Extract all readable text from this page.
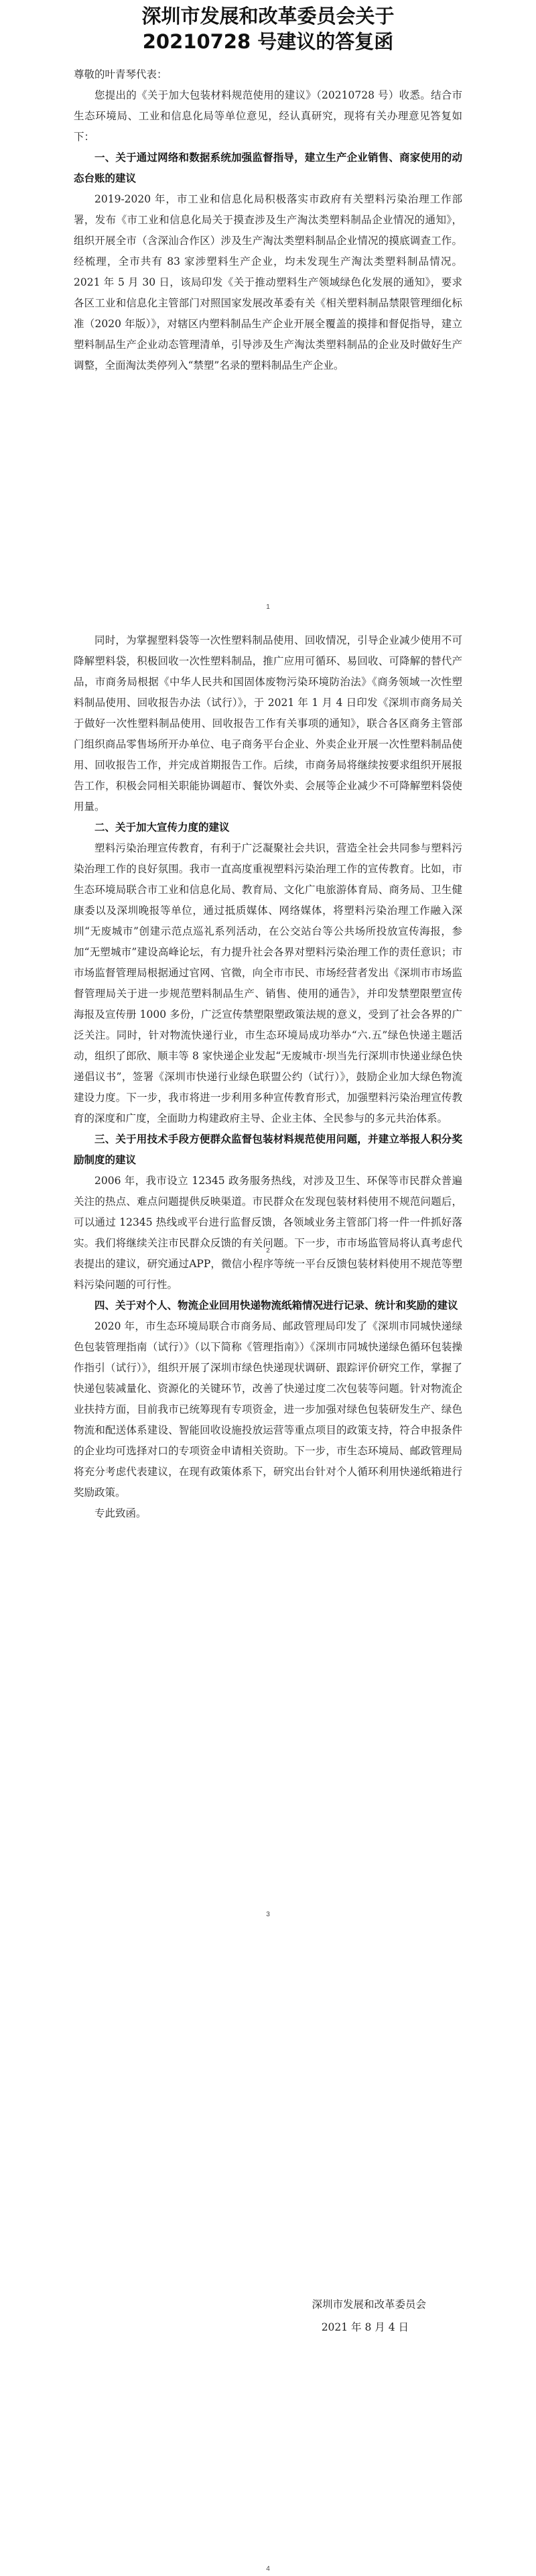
深圳市发展和改革委员会关于
20210728 号建议的答复函

尊敬的叶青琴代表：

您提出的《关于加大包装材料规范使用的建议》（20210728 号）收悉。结合市生态环境局、工业和信息化局等单位意见，经认真研究，现将有关办理意见答复如下：

一、关于通过网络和数据系统加强监督指导，建立生产企业销售、商家使用的动态台账的建议

2019-2020 年，市工业和信息化局积极落实市政府有关塑料污染治理工作部署，发布《市工业和信息化局关于摸查涉及生产淘汰类塑料制品企业情况的通知》，组织开展全市（含深汕合作区）涉及生产淘汰类塑料制品企业情况的摸底调查工作。经梳理，全市共有 83 家涉塑料生产企业，均未发现生产淘汰类塑料制品情况。2021 年 5 月 30 日，该局印发《关于推动塑料生产领域绿色化发展的通知》，要求各区工业和信息化主管部门对照国家发展改革委有关《相关塑料制品禁限管理细化标准（2020 年版）》，对辖区内塑料制品生产企业开展全覆盖的摸排和督促指导，建立塑料制品生产企业动态管理清单，引导涉及生产淘汰类塑料制品的企业及时做好生产调整，全面淘汰类停列入“禁塑”名录的塑料制品生产企业。

1

同时，为掌握塑料袋等一次性塑料制品使用、回收情况，引导企业减少使用不可降解塑料袋，积极回收一次性塑料制品，推广应用可循环、易回收、可降解的替代产品，市商务局根据《中华人民共和国固体废物污染环境防治法》《商务领域一次性塑料制品使用、回收报告办法（试行）》，于 2021 年 1 月 4 日印发《深圳市商务局关于做好一次性塑料制品使用、回收报告工作有关事项的通知》，联合各区商务主管部门组织商品零售场所开办单位、电子商务平台企业、外卖企业开展一次性塑料制品使用、回收报告工作，并完成首期报告工作。后续，市商务局将继续按要求组织开展报告工作，积极会同相关职能协调超市、餐饮外卖、会展等企业减少不可降解塑料袋使用量。

二、关于加大宣传力度的建议

塑料污染治理宣传教育，有利于广泛凝聚社会共识，营造全社会共同参与塑料污染治理工作的良好氛围。我市一直高度重视塑料污染治理工作的宣传教育。比如，市生态环境局联合市工业和信息化局、教育局、文化广电旅游体育局、商务局、卫生健康委以及深圳晚报等单位，通过抵质媒体、网络媒体，将塑料污染治理工作融入深圳“无废城市”创建示范点巡礼系列活动，在公交站台等公共场所投放宣传海报，参加“无塑城市”建设高峰论坛，有力提升社会各界对塑料污染治理工作的责任意识；市市场监督管理局根据通过官网、官微，向全市市民、市场经营者发出《深圳市市场监督管理局关于进一步规范塑料制品生产、销售、使用的通告》，并印发禁塑限塑宣传海报及宣传册 1000 多份，广泛宣传禁塑限塑政策法规的意义，受到了社会各界的广泛关注。同时，针对物流快递行业，市生态环境局成功举办“六.五”绿色快递主题活动，组织了郎欣、顺丰等 8 家快递企业发起“无废城市·坝当先行深圳市快递业绿色快递倡议书”，签署《深圳市快递行业绿色联盟公约（试行）》，鼓励企业加大绿色物流建设力度。下一步，我市将进一步利用多种宣传教育形式，加强塑料污染治理宣传教育的深度和广度，全面助力构建政府主导、企业主体、全民参与的多元共治体系。

三、关于用技术手段方便群众监督包装材料规范使用问题，并建立举报人积分奖励制度的建议

2006 年，我市设立 12345 政务服务热线，对涉及卫生、环保等市民群众普遍关注的热点、难点问题提供反映渠道。市民群众在发现包装材料使用不规范问题后，可以通过 12345 热线或平台进行监督反馈，各领域业务主管部门将一件一件抓好落实。我们将继续关注市民群众反馈的有关问题。下一步，市市场监管局将认真考虑代表提出的建议，研究通过APP，微信小程序等统一平台反馈包装材料使用不规范等塑料污染问题的可行性。

四、关于对个人、物流企业回用快递物流纸箱情况进行记录、统计和奖励的建议

2020 年，市生态环境局联合市商务局、邮政管理局印发了《深圳市同城快递绿色包装管理指南（试行）》（以下简称《管理指南》）《深圳市同城快递绿色循环包装操作指引（试行）》，组织开展了深圳市绿色快递现状调研、跟踪评价研究工作，掌握了快递包装减量化、资源化的关键环节，改善了快递过度二次包装等问题。针对物流企业扶持方面，目前我市已统筹现有专项资金，进一步加强对绿色包装研发生产、绿色物流和配送体系建设、智能回收设施投放运营等重点项目的政策支持，符合申报条件的企业均可选择对口的专项资金申请相关资助。下一步，市生态环境局、邮政管理局将充分考虑代表建议，在现有政策体系下，研究出台针对个人循环利用快递纸箱进行奖励政策。

专此致函。

2
深圳市发展和改革委员会
2021 年 8 月 4 日
3
4
